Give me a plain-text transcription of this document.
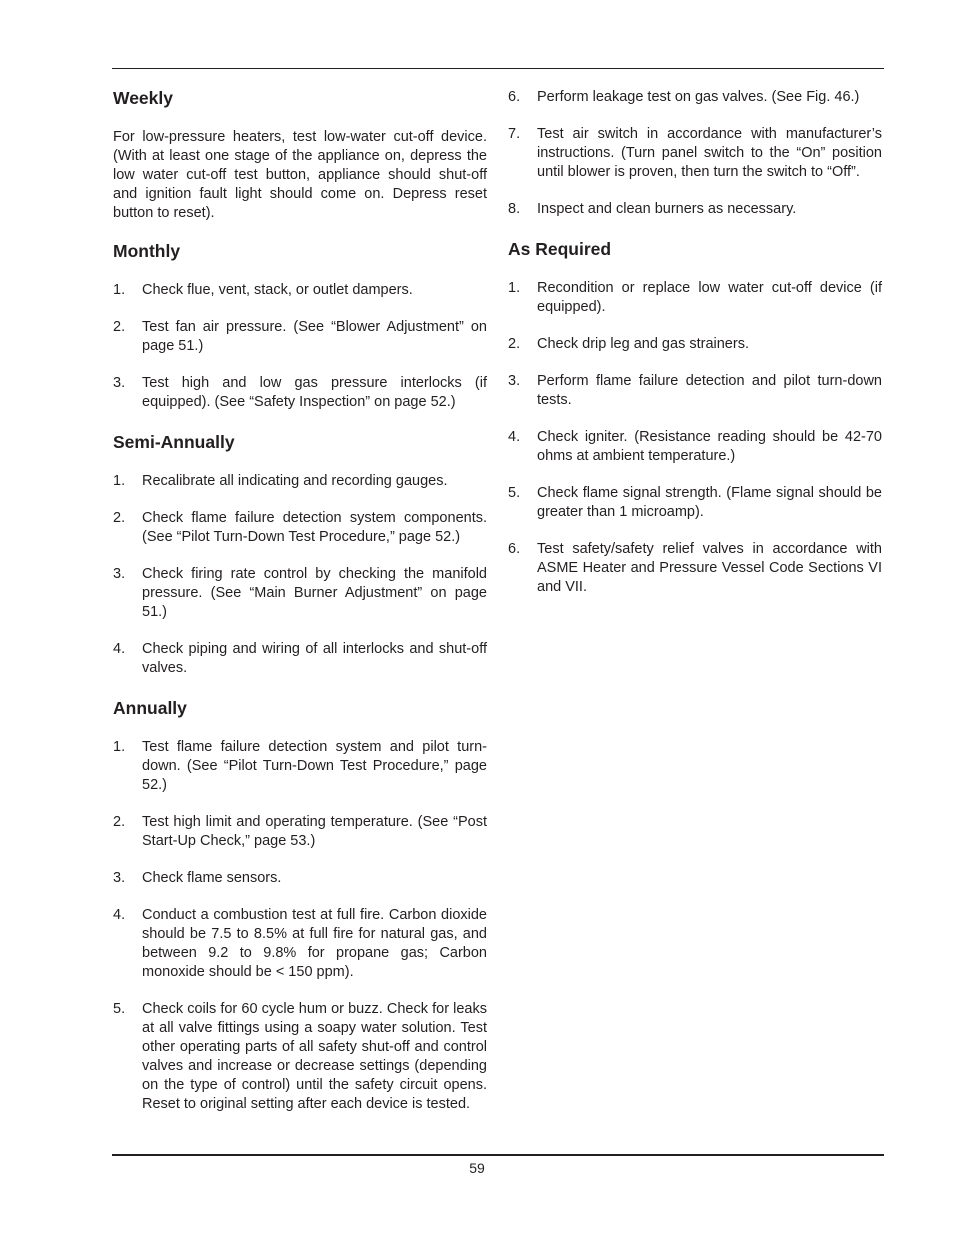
Weekly

For low-pressure heaters, test low-water cut-off device. (With at least one stage of the appliance on, depress the low water cut-off test button, appliance should shut-off and ignition fault light should come on. Depress reset button to reset).

Monthly
1.	Check flue, vent, stack, or outlet dampers.
2.	Test fan air pressure. (See “Blower Adjustment” on page 51.)
3.	Test high and low gas pressure interlocks (if equipped). (See “Safety Inspection” on page 52.)
Semi-Annually
1.	Recalibrate all indicating and recording gauges.
2.	Check flame failure detection system components. (See “Pilot Turn-Down Test Procedure,” page 52.)
3.	Check firing rate control by checking the manifold pressure. (See “Main Burner Adjustment” on page 51.)
4.	Check piping and wiring of all interlocks and shut-off valves.
Annually
1.	Test flame failure detection system and pilot turn-down. (See “Pilot Turn-Down Test Procedure,” page 52.)
2.	Test high limit and operating temperature. (See “Post Start-Up Check,” page 53.)
3.	Check flame sensors.
4.	Conduct a combustion test at full fire. Carbon dioxide should be 7.5 to 8.5% at full fire for natural gas, and between 9.2 to 9.8% for propane gas; Carbon monoxide should be < 150 ppm).
5.	Check coils for 60 cycle hum or buzz. Check for leaks at all valve fittings using a soapy water solution. Test other operating parts of all safety shut-off and control valves and increase or decrease settings (depending on the type of control) until the safety circuit opens. Reset to original setting after each device is tested.
6.	Perform leakage test on gas valves. (See Fig. 46.)
7.	Test air switch in accordance with manufacturer’s instructions. (Turn panel switch to the “On” position until blower is proven, then turn the switch to “Off”.
8.	Inspect and clean burners as necessary.
As Required
1.	Recondition or replace low water cut-off device (if equipped).
2.	Check drip leg and gas strainers.
3.	Perform flame failure detection and pilot turn-down tests.
4.	Check igniter. (Resistance reading should be 42-70 ohms at ambient temperature.)
5.	Check flame signal strength. (Flame signal should be greater than 1 microamp).
6.	Test safety/safety relief valves in accordance with ASME Heater and Pressure Vessel Code Sections VI and VII.
59
